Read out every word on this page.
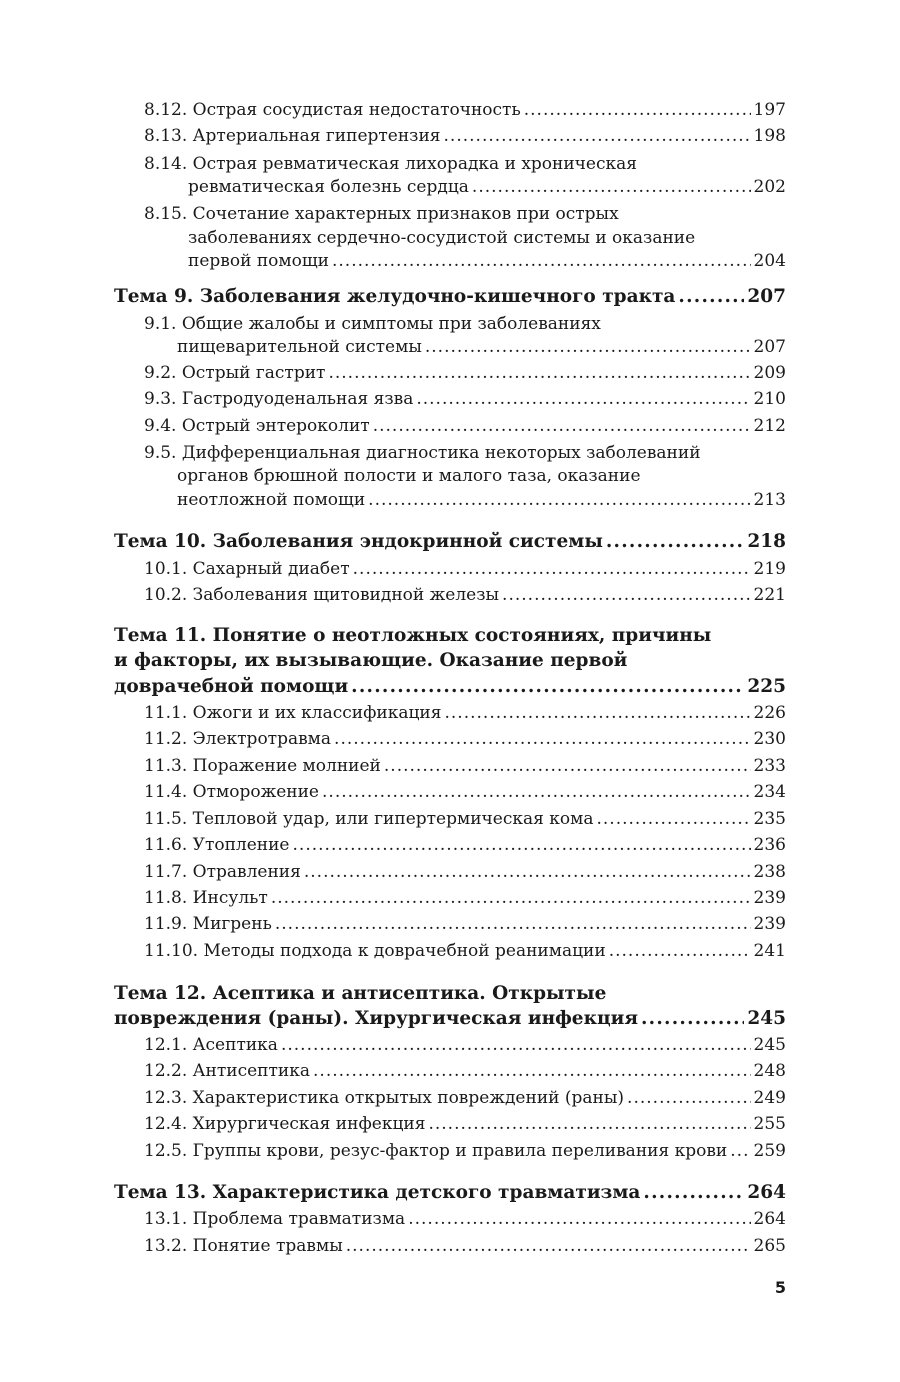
8.12. Острая сосудистая недостаточность . . .	197
8.13. Артериальная гипертензия . . .	198
8.14. Острая ревматическая лихорадка и хроническая
ревматическая болезнь сердца . . .	202
8.15. Сочетание характерных признаков при острых
заболеваниях сердечно-сосудистой системы и оказание
первой помощи . . .	204
Тема 9. Заболевания желудочно-кишечного тракта . . .	207
9.1. Общие жалобы и симптомы при заболеваниях
пищеварительной системы . . .	207
9.2. Острый гастрит . . .	209
9.3. Гастродуоденальная язва . . .	210
9.4. Острый энтероколит . . .	212
9.5. Дифференциальная диагностика некоторых заболеваний
органов брюшной полости и малого таза, оказание
неотложной помощи . . .	213
Тема 10. Заболевания эндокринной системы . . .	218
10.1. Сахарный диабет . . .	219
10.2. Заболевания щитовидной железы . . .	221
Тема 11. Понятие о неотложных состояниях, причины
и факторы, их вызывающие. Оказание первой
доврачебной помощи . . .	225
11.1. Ожоги и их классификация . . .	226
11.2. Электротравма . . .	230
11.3. Поражение молнией . . .	233
11.4. Отморожение . . .	234
11.5. Тепловой удар, или гипертермическая кома . . .	235
11.6. Утопление . . .	236
11.7. Отравления . . .	238
11.8. Инсульт . . .	239
11.9. Мигрень . . .	239
11.10. Методы подхода к доврачебной реанимации . . .	241
Тема 12. Асептика и антисептика. Открытые
повреждения (раны). Хирургическая инфекция . . .	245
12.1. Асептика . . .	245
12.2. Антисептика . . .	248
12.3. Характеристика открытых повреждений (раны) . . .	249
12.4. Хирургическая инфекция . . .	255
12.5. Группы крови, резус-фактор и правила переливания крови . . . 259
Тема 13. Характеристика детского травматизма . . .	264
13.1. Проблема травматизма . . .	264
13.2. Понятие травмы . . .	265
5
